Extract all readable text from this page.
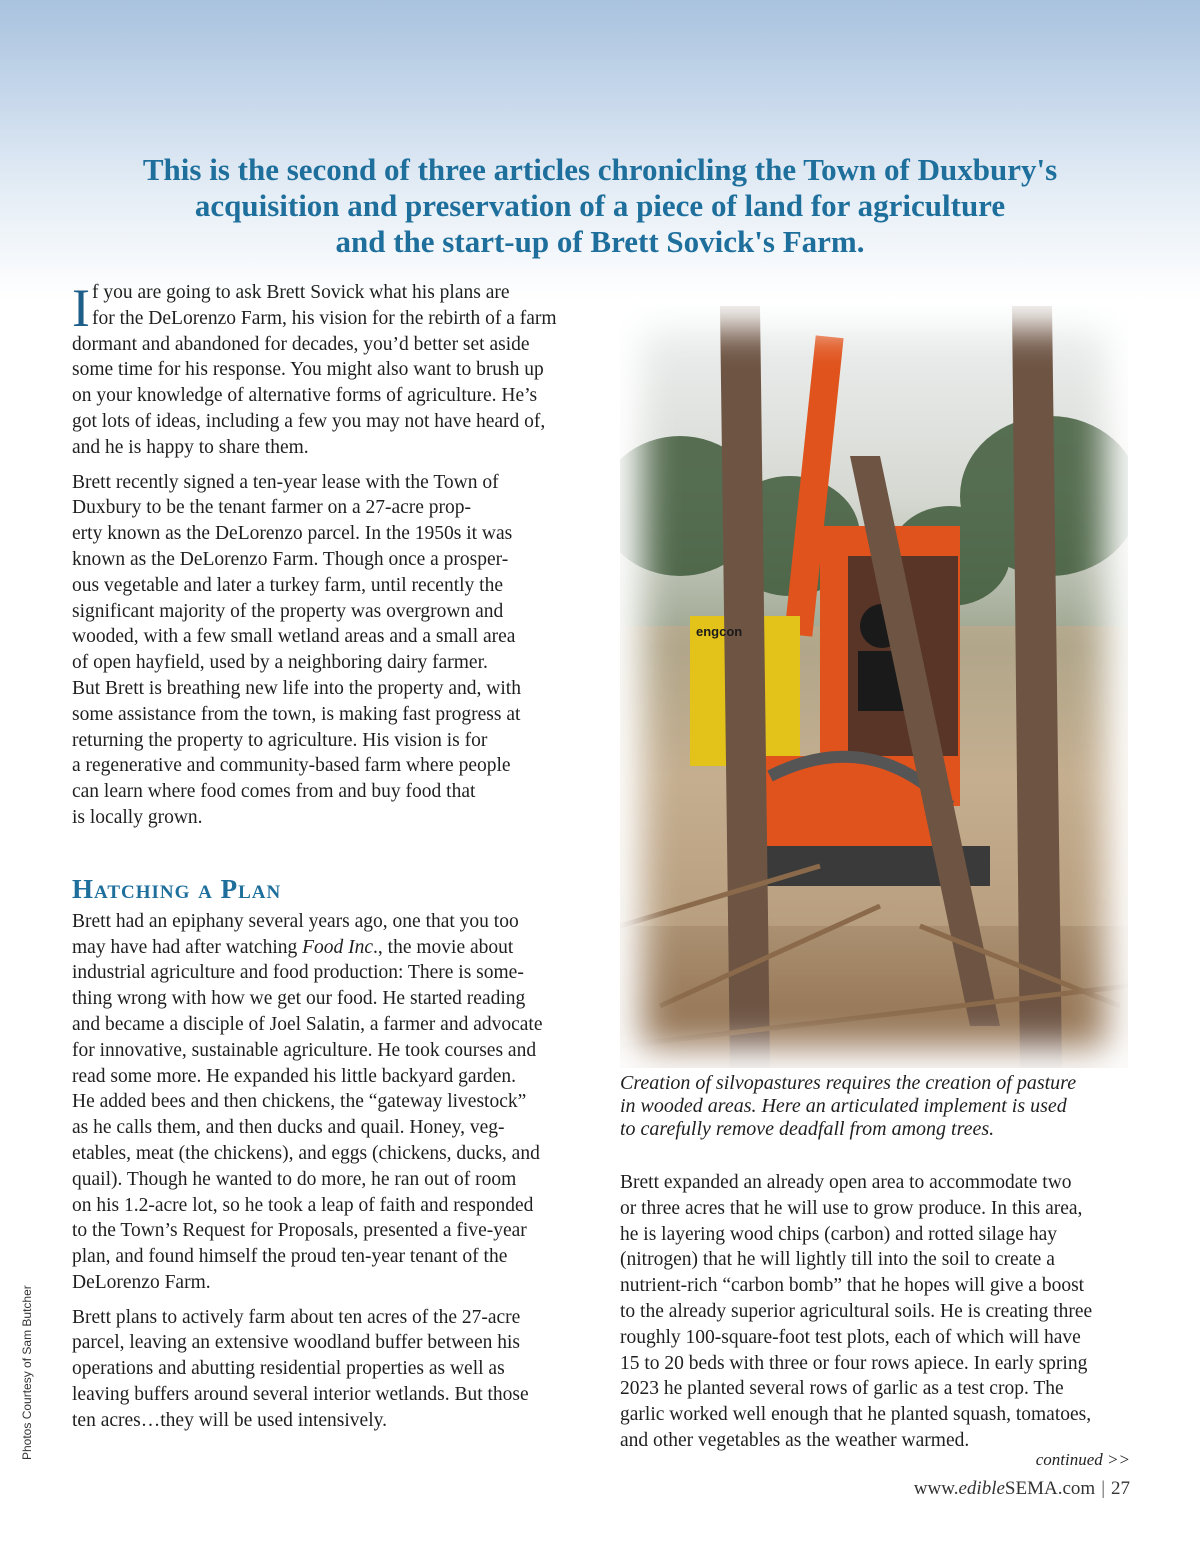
This is the second of three articles chronicling the Town of Duxbury's
acquisition and preservation of a piece of land for agriculture
and the start-up of Brett Sovick's Farm.

If you are going to ask Brett Sovick what his plans are
for the DeLorenzo Farm, his vision for the rebirth of a farm
dormant and abandoned for decades, you’d better set aside
some time for his response. You might also want to brush up
on your knowledge of alternative forms of agriculture. He’s
got lots of ideas, including a few you may not have heard of,
and he is happy to share them.

Brett recently signed a ten-year lease with the Town of
Duxbury to be the tenant farmer on a 27-acre prop-
erty known as the DeLorenzo parcel. In the 1950s it was
known as the DeLorenzo Farm. Though once a prosper-
ous vegetable and later a turkey farm, until recently the
significant majority of the property was overgrown and
wooded, with a few small wetland areas and a small area
of open hayfield, used by a neighboring dairy farmer.
But Brett is breathing new life into the property and, with
some assistance from the town, is making fast progress at
returning the property to agriculture. His vision is for
a regenerative and community-based farm where people
can learn where food comes from and buy food that
is locally grown.

Hatching a Plan

Brett had an epiphany several years ago, one that you too
may have had after watching Food Inc., the movie about
industrial agriculture and food production: There is some-
thing wrong with how we get our food. He started reading
and became a disciple of Joel Salatin, a farmer and advocate
for innovative, sustainable agriculture. He took courses and
read some more. He expanded his little backyard garden.
He added bees and then chickens, the “gateway livestock”
as he calls them, and then ducks and quail. Honey, veg-
etables, meat (the chickens), and eggs (chickens, ducks, and
quail). Though he wanted to do more, he ran out of room
on his 1.2-acre lot, so he took a leap of faith and responded
to the Town’s Request for Proposals, presented a five-year
plan, and found himself the proud ten-year tenant of the
DeLorenzo Farm.

Brett plans to actively farm about ten acres of the 27-acre
parcel, leaving an extensive woodland buffer between his
operations and abutting residential properties as well as
leaving buffers around several interior wetlands. But those
ten acres…they will be used intensively.

engcon

Creation of silvopastures requires the creation of pasture
in wooded areas. Here an articulated implement is used
to carefully remove deadfall from among trees.

Brett expanded an already open area to accommodate two
or three acres that he will use to grow produce. In this area,
he is layering wood chips (carbon) and rotted silage hay
(nitrogen) that he will lightly till into the soil to create a
nutrient-rich “carbon bomb” that he hopes will give a boost
to the already superior agricultural soils. He is creating three
roughly 100-square-foot test plots, each of which will have
15 to 20 beds with three or four rows apiece. In early spring
2023 he planted several rows of garlic as a test crop. The
garlic worked well enough that he planted squash, tomatoes,
and other vegetables as the weather warmed.

continued >>

www.edibleSEMA.com | 27

Photos Courtesy of Sam Butcher
